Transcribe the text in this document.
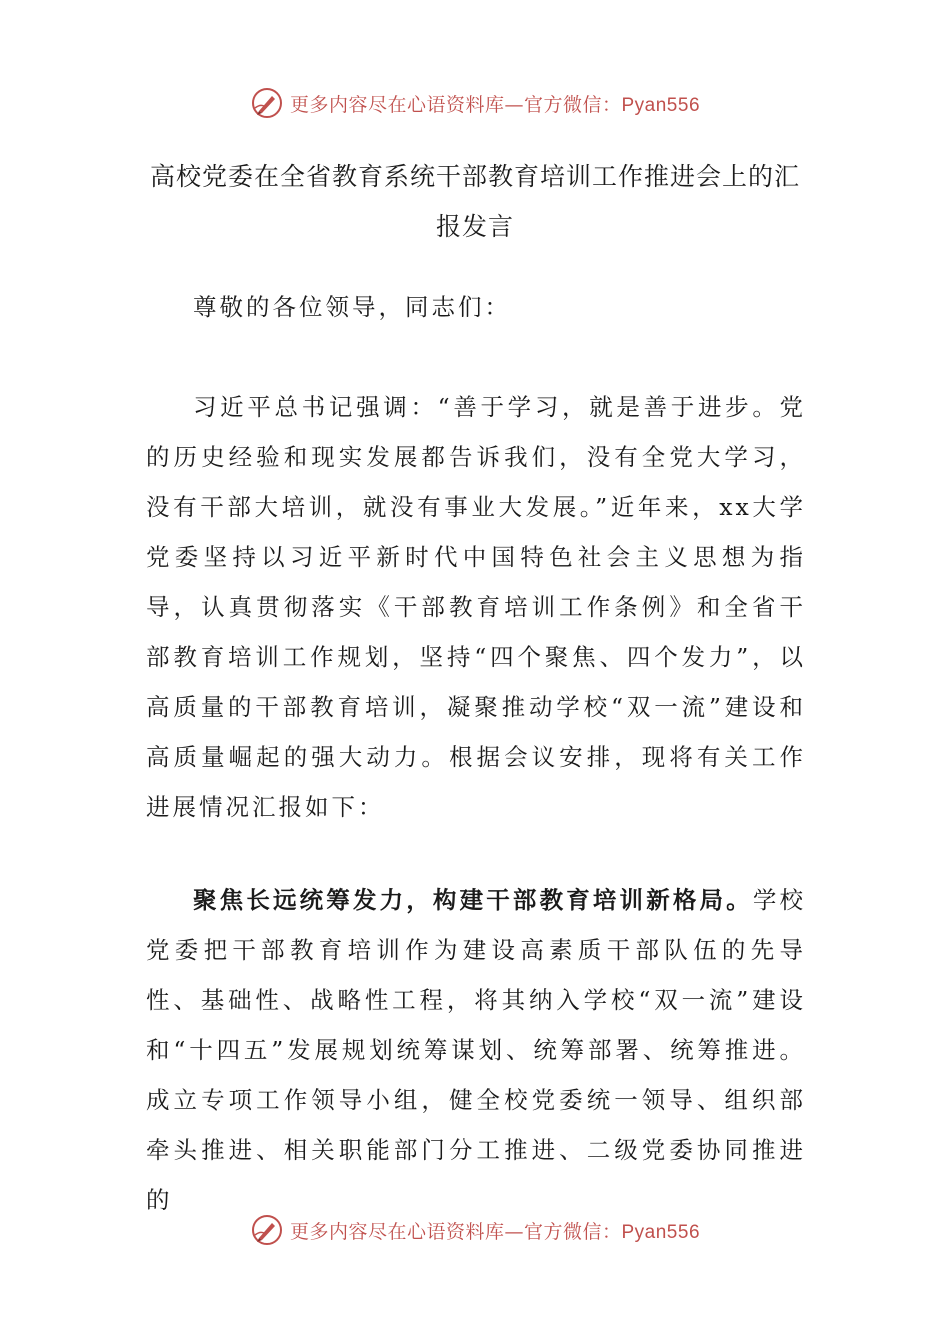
更多内容尽在心语资料库—官方微信：Pyan556
高校党委在全省教育系统干部教育培训工作推进会上的汇报发言

尊敬的各位领导，同志们：

习近平总书记强调：“善于学习，就是善于进步。党的历史经验和现实发展都告诉我们，没有全党大学习，没有干部大培训，就没有事业大发展。”近年来，xx大学党委坚持以习近平新时代中国特色社会主义思想为指导，认真贯彻落实《干部教育培训工作条例》和全省干部教育培训工作规划，坚持“四个聚焦、四个发力”，以高质量的干部教育培训，凝聚推动学校“双一流”建设和高质量崛起的强大动力。根据会议安排，现将有关工作进展情况汇报如下：

聚焦长远统筹发力，构建干部教育培训新格局。学校党委把干部教育培训作为建设高素质干部队伍的先导性、基础性、战略性工程，将其纳入学校“双一流”建设和“十四五”发展规划统筹谋划、统筹部署、统筹推进。成立专项工作领导小组，健全校党委统一领导、组织部牵头推进、相关职能部门分工推进、二级党委协同推进的

更多内容尽在心语资料库—官方微信：Pyan556
